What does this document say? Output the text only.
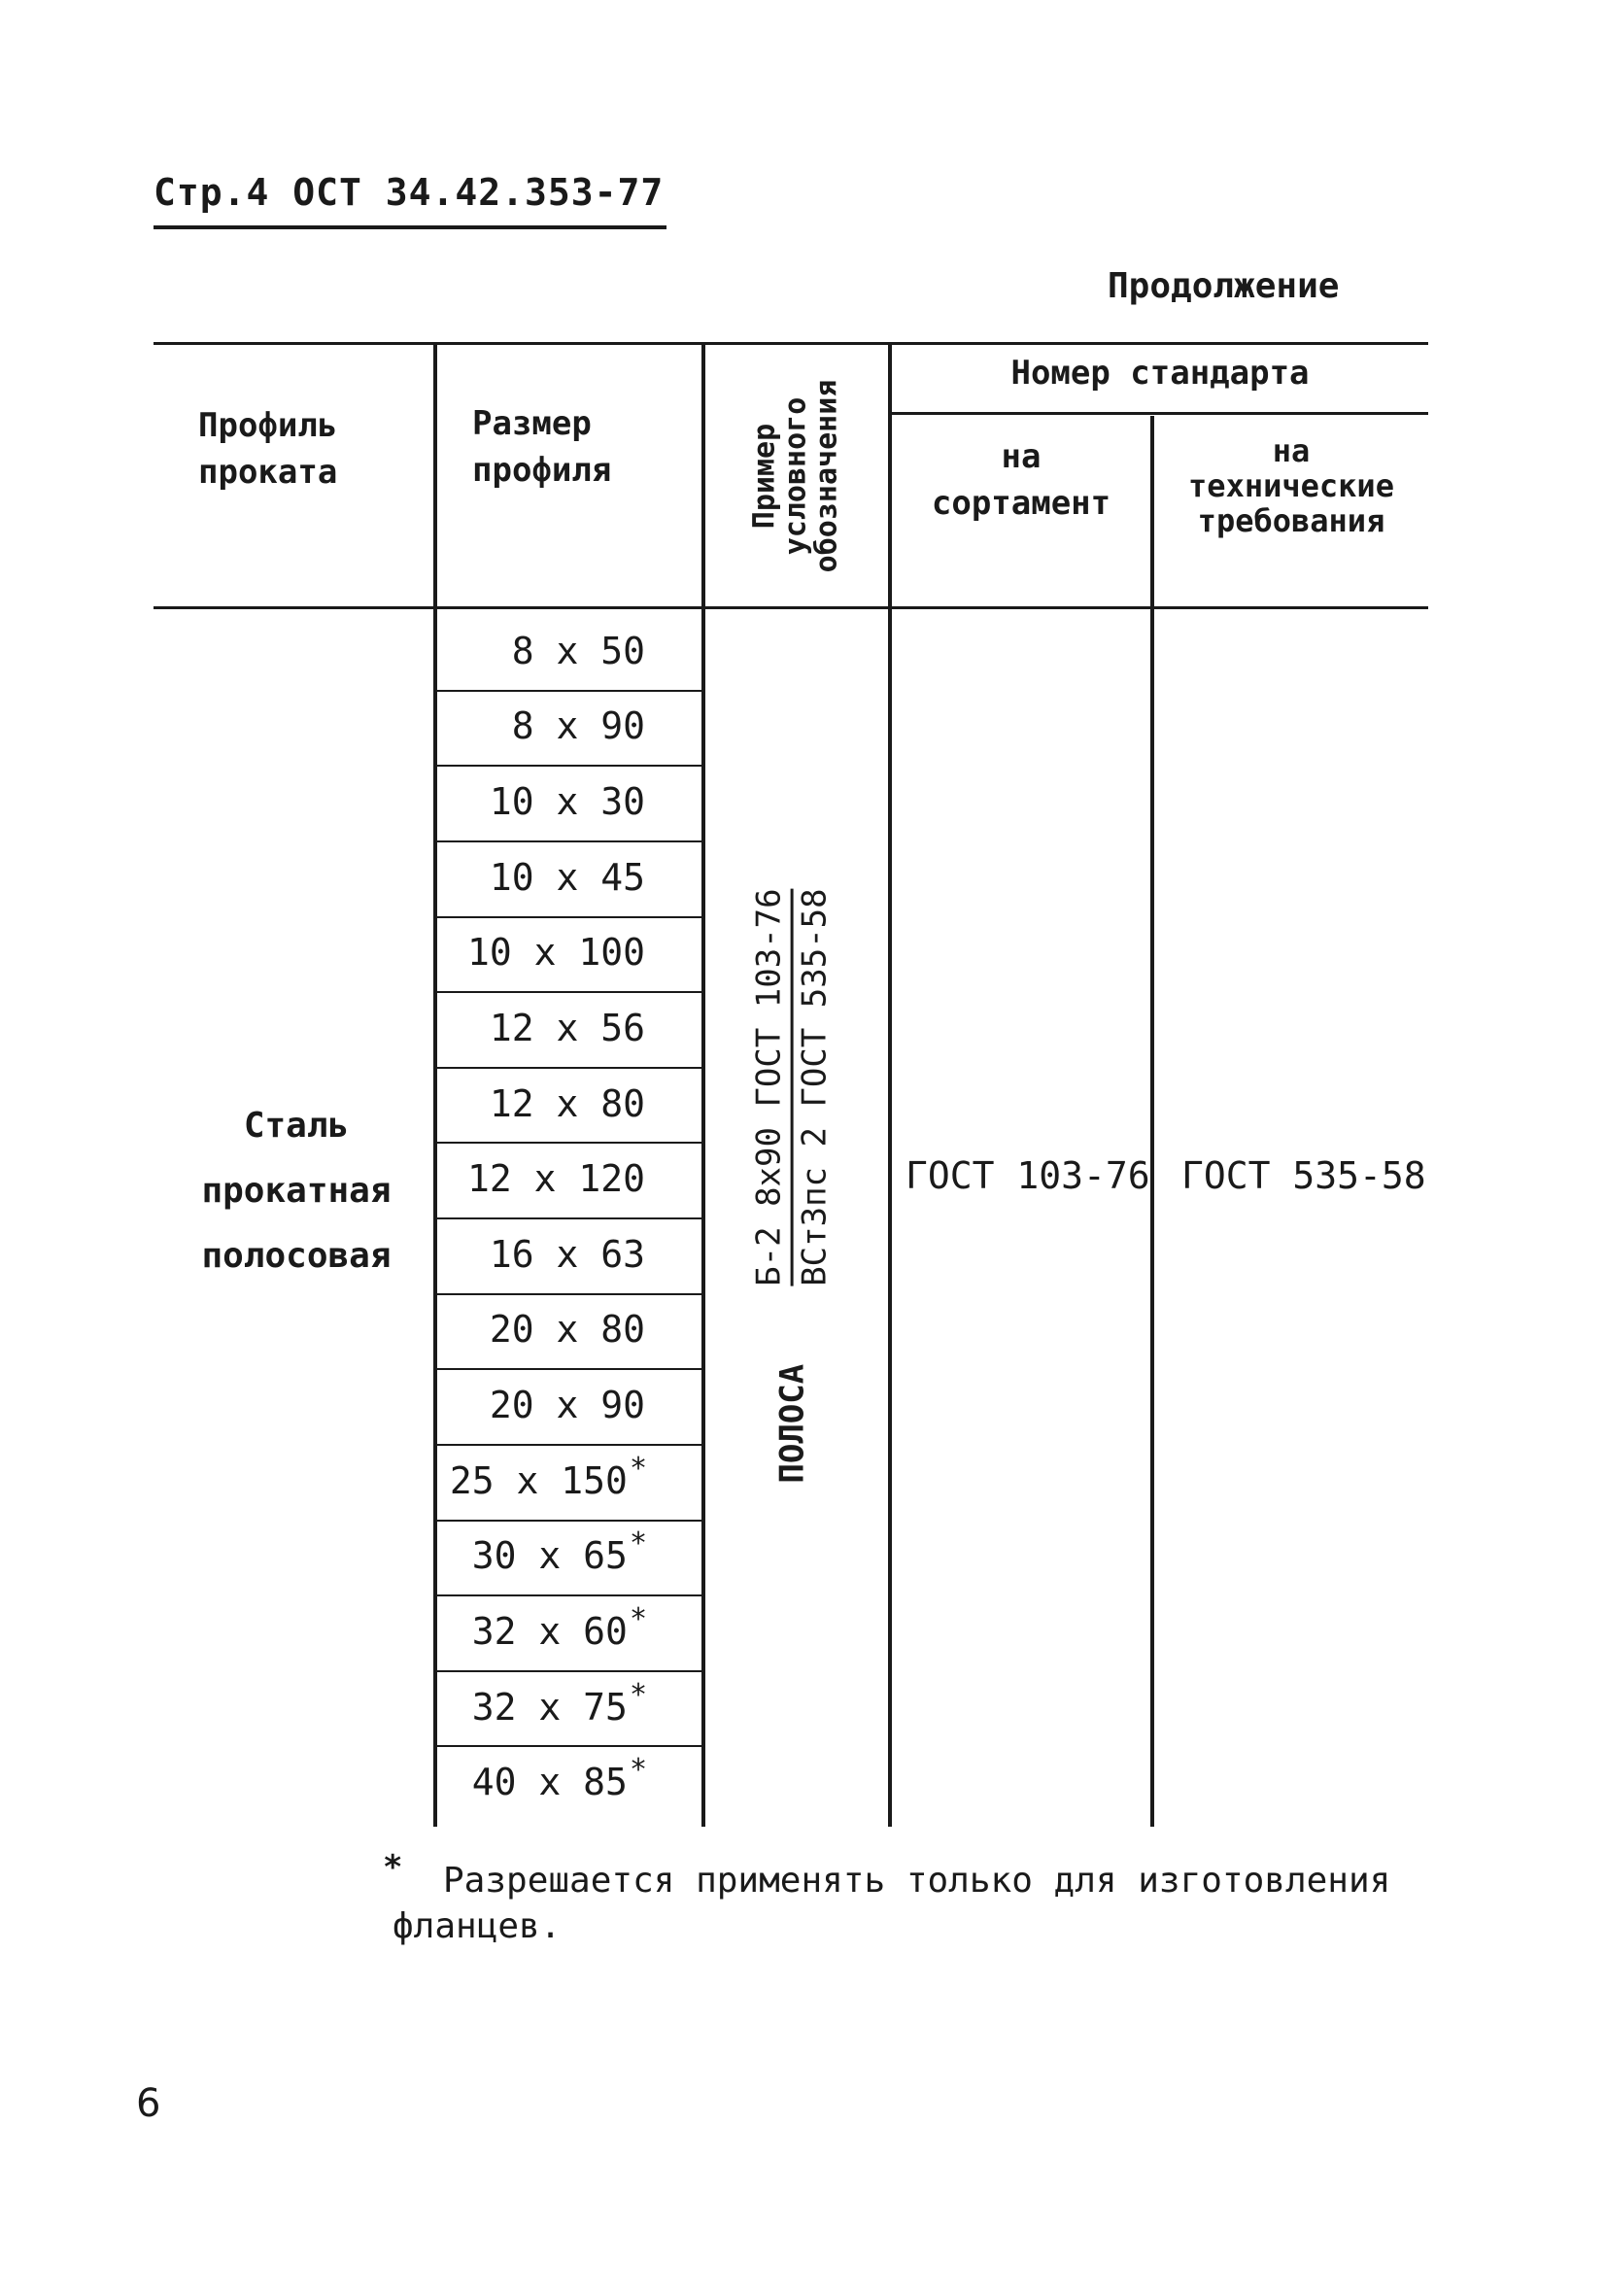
Стр.4 ОСТ 34.42.353-77
Продолжение
Профиль
проката
Размер
профиля	Пример
условного
обозначения
Номер стандарта
на
сортамент
на
технические
требования
8 x 50
8 x 90
10 x 30
10 x 45
10 x 100
12 x 56
12 x 80
12 x 120
16 x 63
20 x 80
20 x 90
25 x 150*
30 x 65*
32 x 60*
32 x 75*
40 x 85*
Сталь
прокатная
полосовая
ПОЛОСА
Б-2 8x90 ГОСТ 103-76 ВСт3пс 2 ГОСТ 535-58 ГОСТ 103-76 ГОСТ 535-58
*	Разрешается применять только для изготовления
фланцев.
6
